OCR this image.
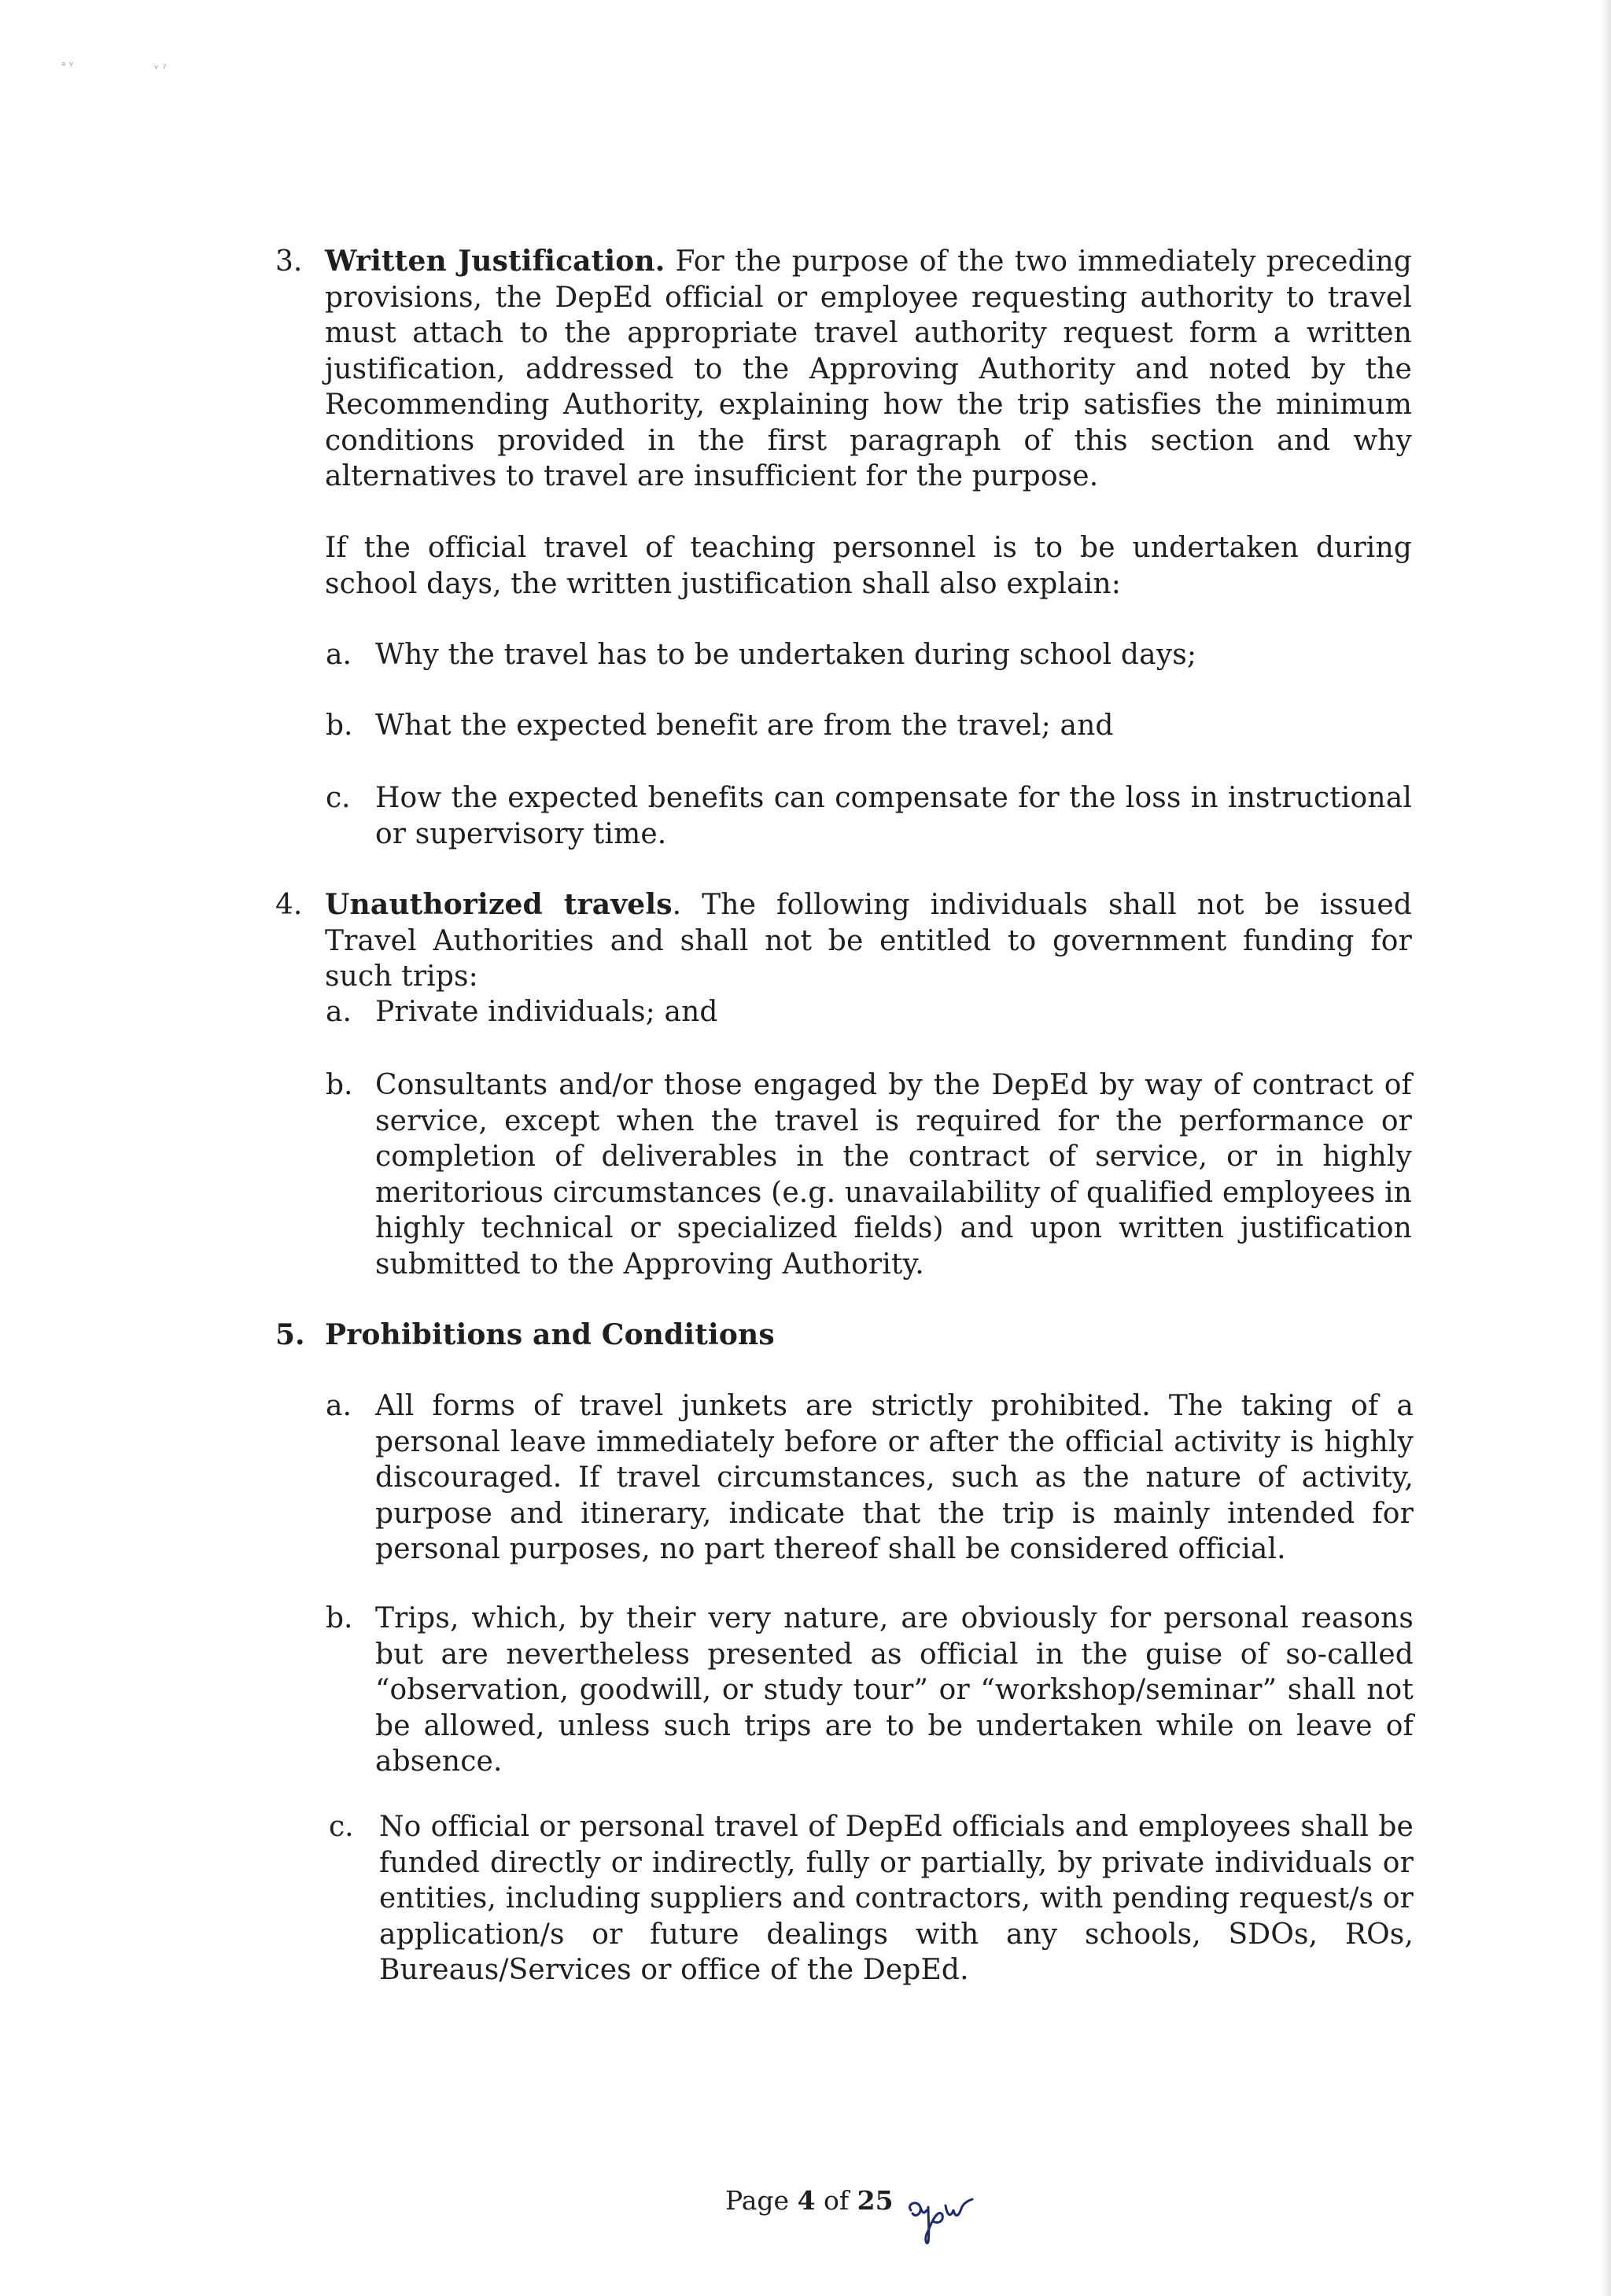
ᵃ ᵛ	ᵛ ˀ
3. Written Justification. For the purpose of the two immediately preceding provisions, the DepEd official or employee requesting authority to travel must attach to the appropriate travel authority request form a written justification, addressed to the Approving Authority and noted by the Recommending Authority, explaining how the trip satisfies the minimum conditions provided in the first paragraph of this section and why alternatives to travel are insufficient for the purpose.
If the official travel of teaching personnel is to be undertaken during school days, the written justification shall also explain:
a. Why the travel has to be undertaken during school days;
b. What the expected benefit are from the travel; and
c. How the expected benefits can compensate for the loss in instructional or supervisory time.
4. Unauthorized travels. The following individuals shall not be issued Travel Authorities and shall not be entitled to government funding for such trips:
a. Private individuals; and
b. Consultants and/or those engaged by the DepEd by way of contract of service, except when the travel is required for the performance or completion of deliverables in the contract of service, or in highly meritorious circumstances (e.g. unavailability of qualified employees in highly technical or specialized fields) and upon written justification submitted to the Approving Authority.
5. Prohibitions and Conditions
a. All forms of travel junkets are strictly prohibited. The taking of a personal leave immediately before or after the official activity is highly discouraged. If travel circumstances, such as the nature of activity, purpose and itinerary, indicate that the trip is mainly intended for personal purposes, no part thereof shall be considered official.
b. Trips, which, by their very nature, are obviously for personal reasons but are nevertheless presented as official in the guise of so-called “observation, goodwill, or study tour” or “workshop/seminar” shall not be allowed, unless such trips are to be undertaken while on leave of absence.
c. No official or personal travel of DepEd officials and employees shall be funded directly or indirectly, fully or partially, by private individuals or entities, including suppliers and contractors, with pending request/s or application/s or future dealings with any schools, SDOs, ROs, Bureaus/Services or office of the DepEd.
Page 4 of 25
